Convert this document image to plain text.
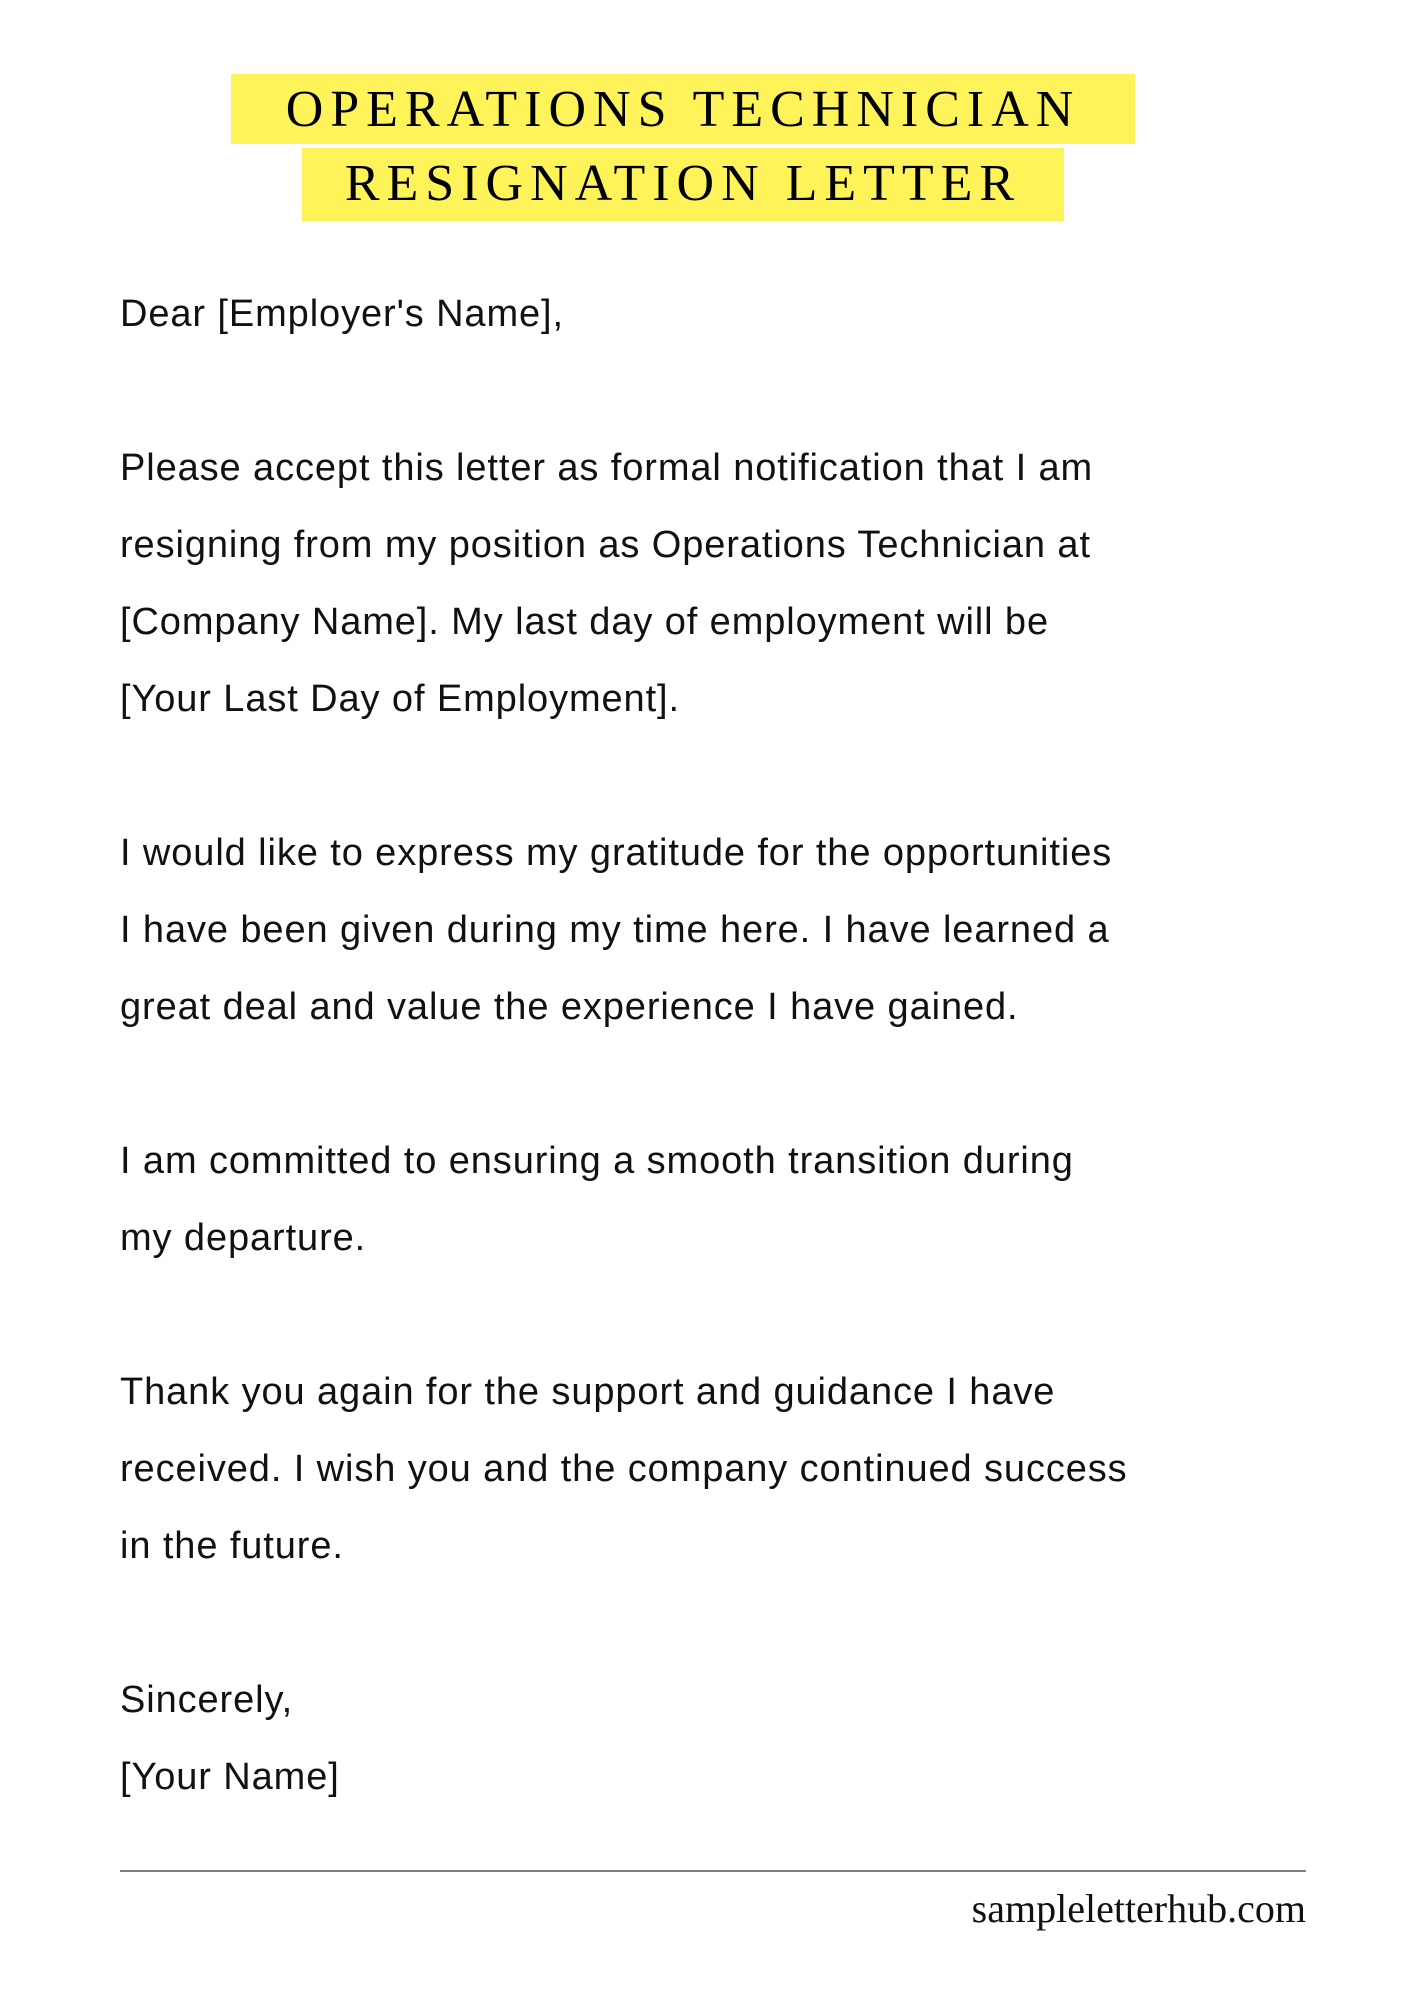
OPERATIONS TECHNICIAN
RESIGNATION LETTER
Dear [Employer's Name],
Please accept this letter as formal notification that I am
resigning from my position as Operations Technician at
[Company Name]. My last day of employment will be
[Your Last Day of Employment].
I would like to express my gratitude for the opportunities
I have been given during my time here. I have learned a
great deal and value the experience I have gained.
I am committed to ensuring a smooth transition during
my departure.
Thank you again for the support and guidance I have
received. I wish you and the company continued success
in the future.
Sincerely,
[Your Name]
sampleletterhub.com
